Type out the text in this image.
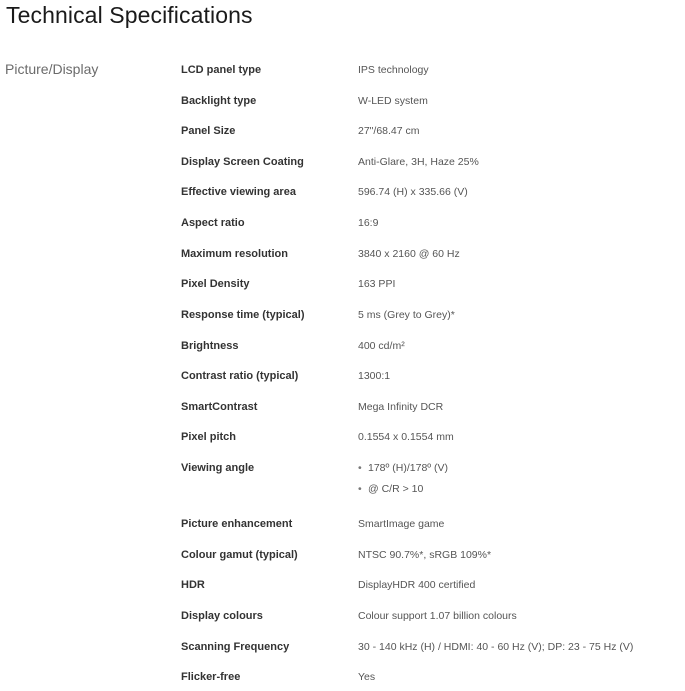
Technical Specifications
Picture/Display	LCD panel type	IPS technology
Backlight type	W-LED system
Panel Size	27"/68.47 cm
Display Screen Coating	Anti-Glare, 3H, Haze 25%
Effective viewing area	596.74 (H) x 335.66 (V)
Aspect ratio	16:9
Maximum resolution	3840 x 2160 @ 60 Hz
Pixel Density	163 PPI
Response time (typical)	5 ms (Grey to Grey)*
Brightness	400 cd/m²
Contrast ratio (typical)	1300:1
SmartContrast	Mega Infinity DCR
Pixel pitch	0.1554 x 0.1554 mm
Viewing angle	• 178º (H)/178º (V)
• @ C/R > 10
Picture enhancement	SmartImage game
Colour gamut (typical)	NTSC 90.7%*, sRGB 109%*
HDR	DisplayHDR 400 certified
Display colours	Colour support 1.07 billion colours
Scanning Frequency	30 - 140 kHz (H) / HDMI: 40 - 60 Hz (V); DP: 23 - 75 Hz (V)
Flicker-free	Yes
